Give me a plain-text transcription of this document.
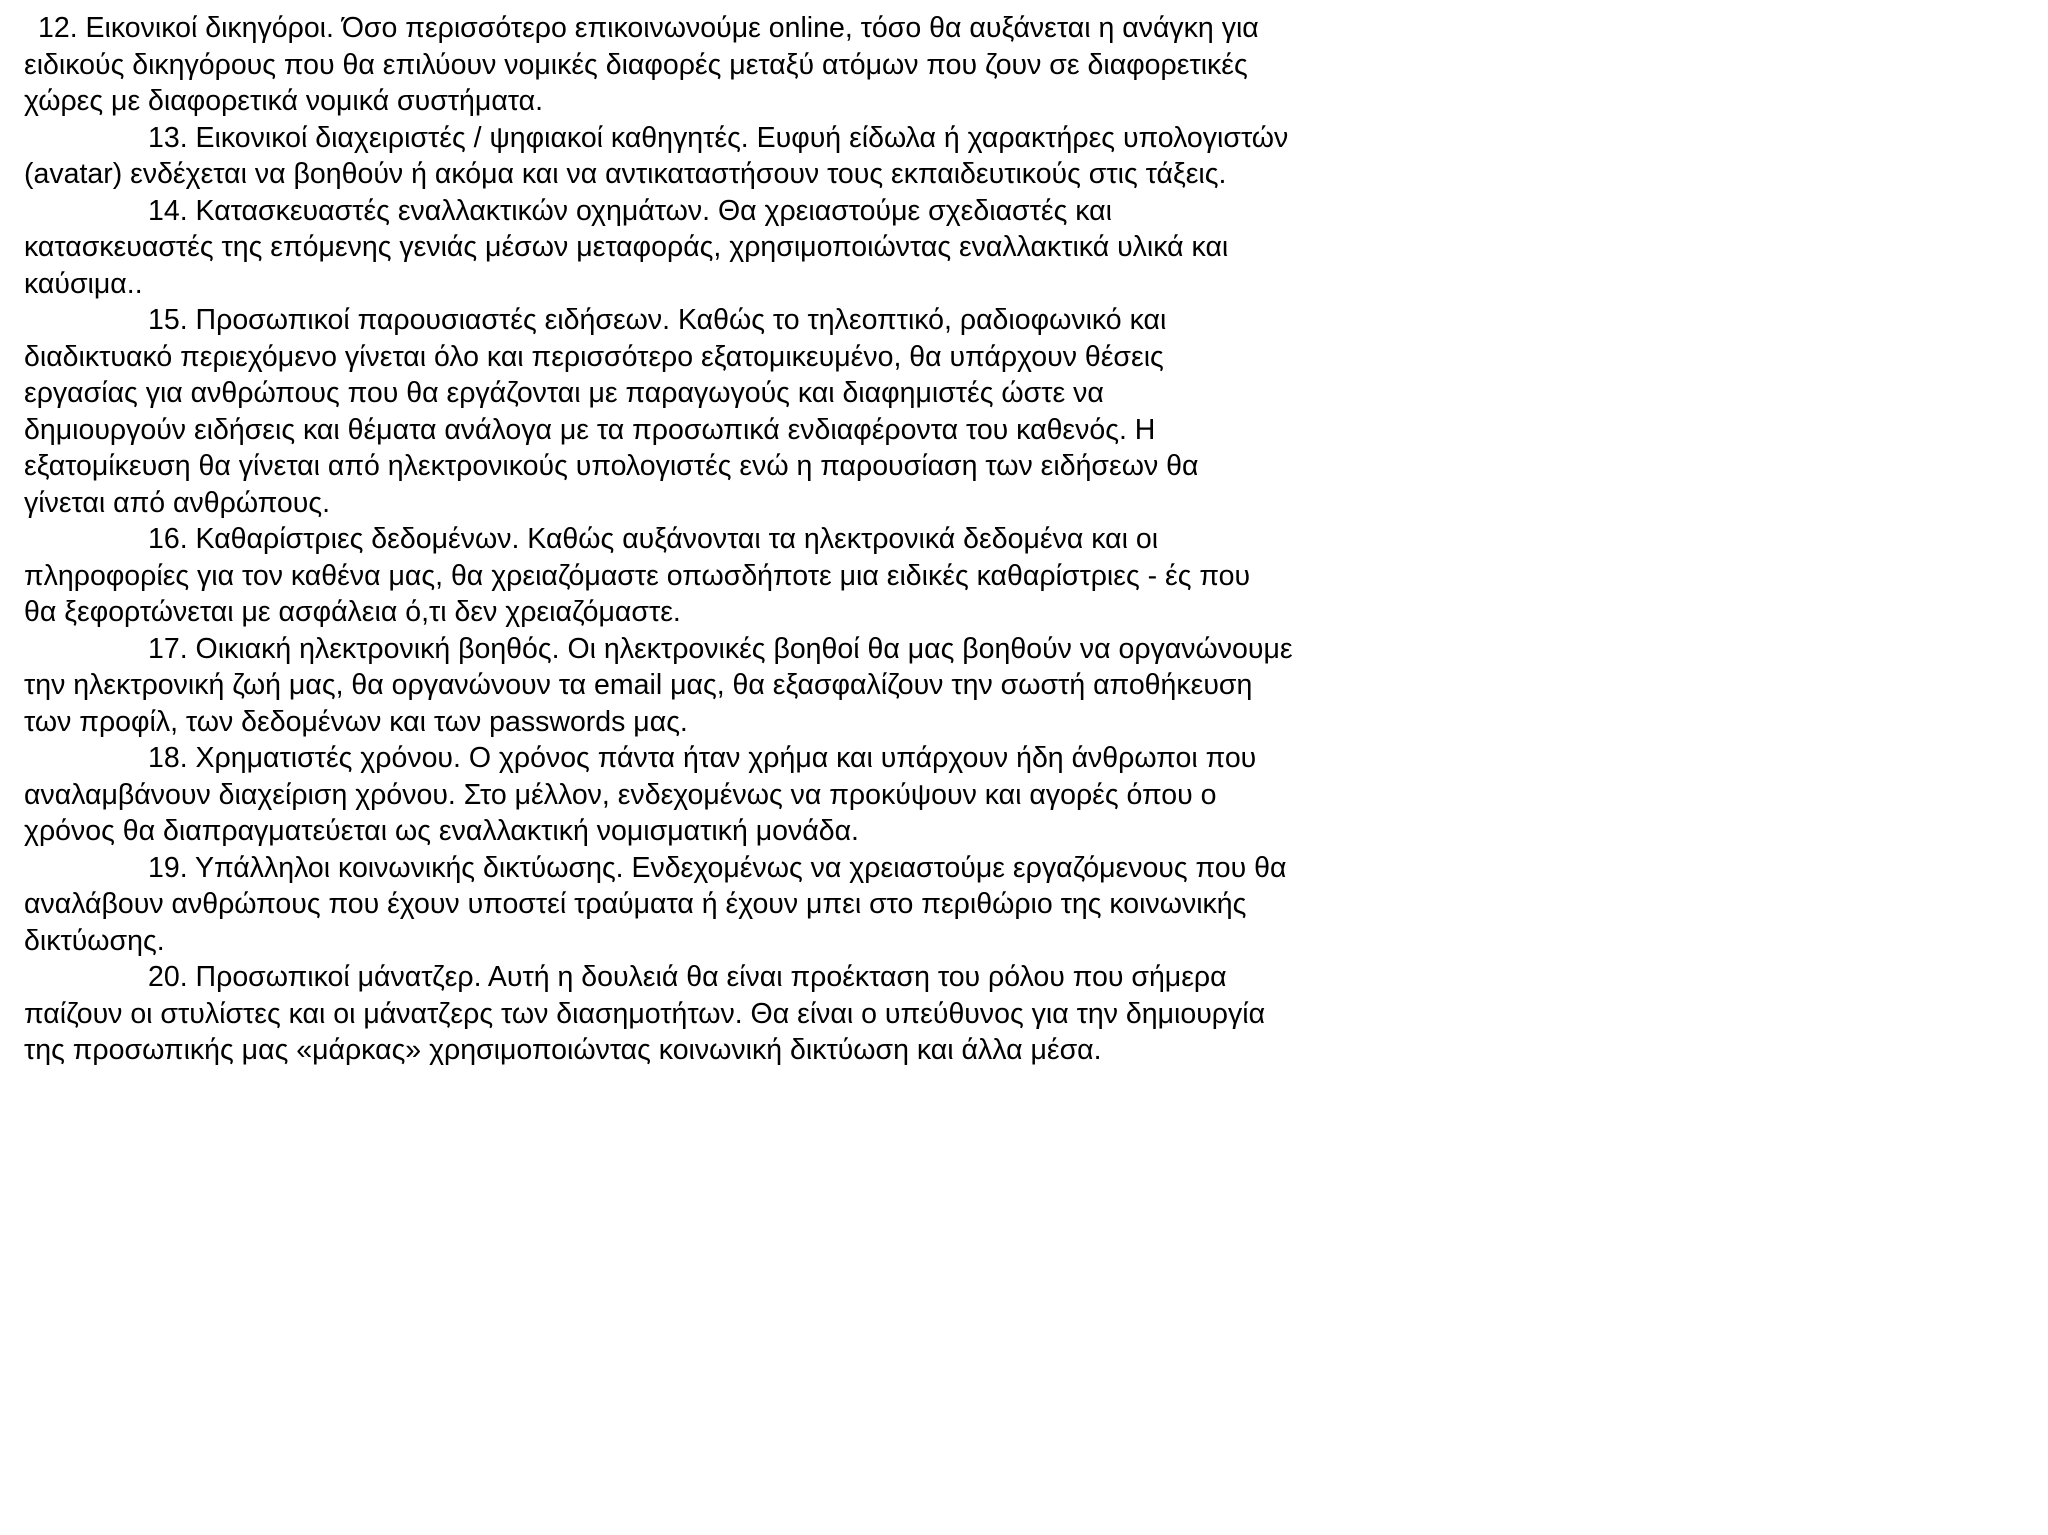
12. Εικονικοί δικηγόροι. Όσο περισσότερο επικοινωνούμε online, τόσο θα αυξάνεται η ανάγκη για
ειδικούς δικηγόρους που θα επιλύουν νομικές διαφορές μεταξύ ατόμων που ζουν σε διαφορετικές
χώρες με διαφορετικά νομικά συστήματα.
13. Εικονικοί διαχειριστές / ψηφιακοί καθηγητές. Ευφυή είδωλα ή χαρακτήρες υπολογιστών
(avatar) ενδέχεται να βοηθούν ή ακόμα και να αντικαταστήσουν τους εκπαιδευτικούς στις τάξεις.
14. Κατασκευαστές εναλλακτικών οχημάτων. Θα χρειαστούμε σχεδιαστές και
κατασκευαστές της επόμενης γενιάς μέσων μεταφοράς, χρησιμοποιώντας εναλλακτικά υλικά και
καύσιμα..
15. Προσωπικοί παρουσιαστές ειδήσεων. Καθώς το τηλεοπτικό, ραδιοφωνικό και
διαδικτυακό περιεχόμενο γίνεται όλο και περισσότερο εξατομικευμένο, θα υπάρχουν θέσεις
εργασίας για ανθρώπους που θα εργάζονται με παραγωγούς και διαφημιστές ώστε να
δημιουργούν ειδήσεις και θέματα ανάλογα με τα προσωπικά ενδιαφέροντα του καθενός. Η
εξατομίκευση θα γίνεται από ηλεκτρονικούς υπολογιστές ενώ η παρουσίαση των ειδήσεων θα
γίνεται από ανθρώπους.
16. Καθαρίστριες δεδομένων. Καθώς αυξάνονται τα ηλεκτρονικά δεδομένα και οι
πληροφορίες για τον καθένα μας, θα χρειαζόμαστε οπωσδήποτε μια ειδικές καθαρίστριες - ές που
θα ξεφορτώνεται με ασφάλεια ό,τι δεν χρειαζόμαστε.
17. Οικιακή ηλεκτρονική βοηθός. Οι ηλεκτρονικές βοηθοί θα μας βοηθούν να οργανώνουμε
την ηλεκτρονική ζωή μας, θα οργανώνουν τα email μας, θα εξασφαλίζουν την σωστή αποθήκευση
των προφίλ, των δεδομένων και των passwords μας.
18. Χρηματιστές χρόνου. Ο χρόνος πάντα ήταν χρήμα και υπάρχουν ήδη άνθρωποι που
αναλαμβάνουν διαχείριση χρόνου. Στο μέλλον, ενδεχομένως να προκύψουν και αγορές όπου ο
χρόνος θα διαπραγματεύεται ως εναλλακτική νομισματική μονάδα.
19. Υπάλληλοι κοινωνικής δικτύωσης. Ενδεχομένως να χρειαστούμε εργαζόμενους που θα
αναλάβουν ανθρώπους που έχουν υποστεί τραύματα ή έχουν μπει στο περιθώριο της κοινωνικής
δικτύωσης.
20. Προσωπικοί μάνατζερ. Αυτή η δουλειά θα είναι προέκταση του ρόλου που σήμερα
παίζουν οι στυλίστες και οι μάνατζερς των διασημοτήτων. Θα είναι ο υπεύθυνος για την δημιουργία
της προσωπικής μας «μάρκας» χρησιμοποιώντας κοινωνική δικτύωση και άλλα μέσα.
